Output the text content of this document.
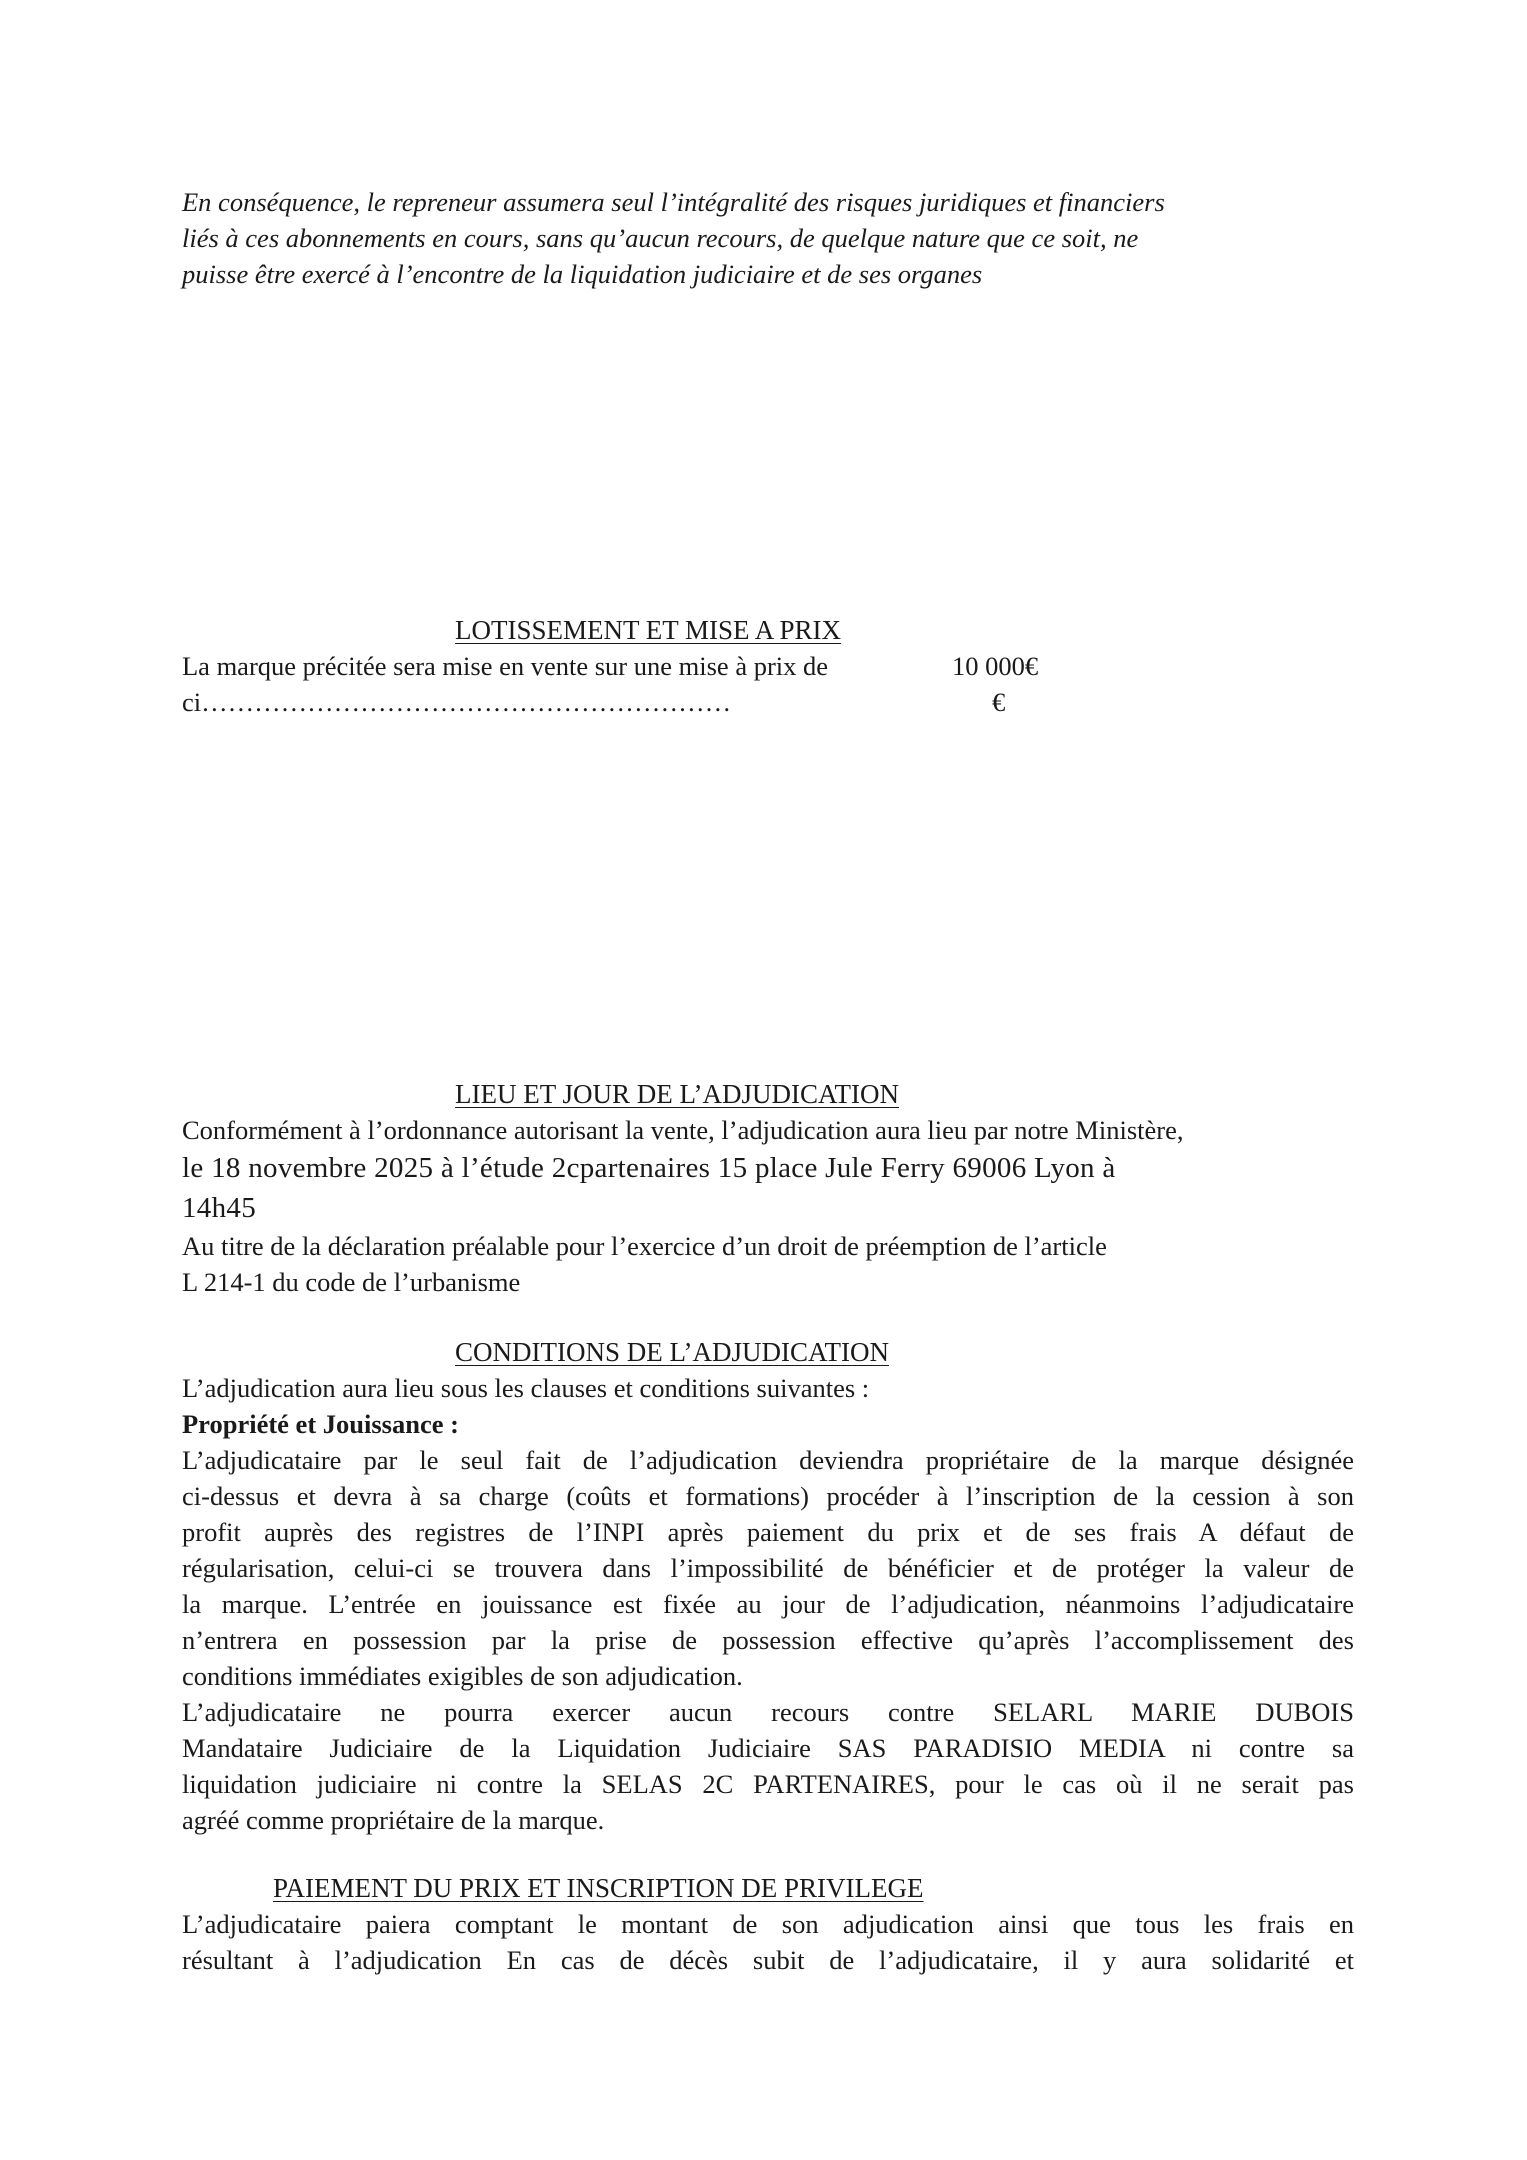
En conséquence, le repreneur assumera seul l’intégralité des risques juridiques et financiers
liés à ces abonnements en cours, sans qu’aucun recours, de quelque nature que ce soit, ne
puisse être exercé à l’encontre de la liquidation judiciaire et de ses organes
LOTISSEMENT ET MISE A PRIX
La marque précitée sera mise en vente sur une mise à prix de	10 000€
ci……………………………………………………	€
LIEU ET JOUR DE L’ADJUDICATION
Conformément à l’ordonnance autorisant la vente, l’adjudication aura lieu par notre Ministère,
le 18 novembre 2025 à l’étude 2cpartenaires 15 place Jule Ferry 69006 Lyon à
14h45
Au titre de la déclaration préalable pour l’exercice d’un droit de préemption de l’article
L 214-1 du code de l’urbanisme
CONDITIONS DE L’ADJUDICATION
L’adjudication aura lieu sous les clauses et conditions suivantes :
Propriété et Jouissance :
L’adjudicataire par le seul fait de l’adjudication deviendra propriétaire de la marque désignée
ci-dessus et devra à sa charge (coûts et formations) procéder à l’inscription de la cession à son
profit auprès des registres de l’INPI après paiement du prix et de ses frais A défaut de
régularisation, celui-ci se trouvera dans l’impossibilité de bénéficier et de protéger la valeur de
la marque. L’entrée en jouissance est fixée au jour de l’adjudication, néanmoins l’adjudicataire
n’entrera en possession par la prise de possession effective qu’après l’accomplissement des
conditions immédiates exigibles de son adjudication.
L’adjudicataire ne pourra exercer aucun recours contre SELARL MARIE DUBOIS
Mandataire Judiciaire de la Liquidation Judiciaire SAS PARADISIO MEDIA ni contre sa
liquidation judiciaire ni contre la SELAS 2C PARTENAIRES, pour le cas où il ne serait pas
agréé comme propriétaire de la marque.
PAIEMENT DU PRIX ET INSCRIPTION DE PRIVILEGE
L’adjudicataire paiera comptant le montant de son adjudication ainsi que tous les frais en
résultant à l’adjudication En cas de décès subit de l’adjudicataire, il y aura solidarité et
